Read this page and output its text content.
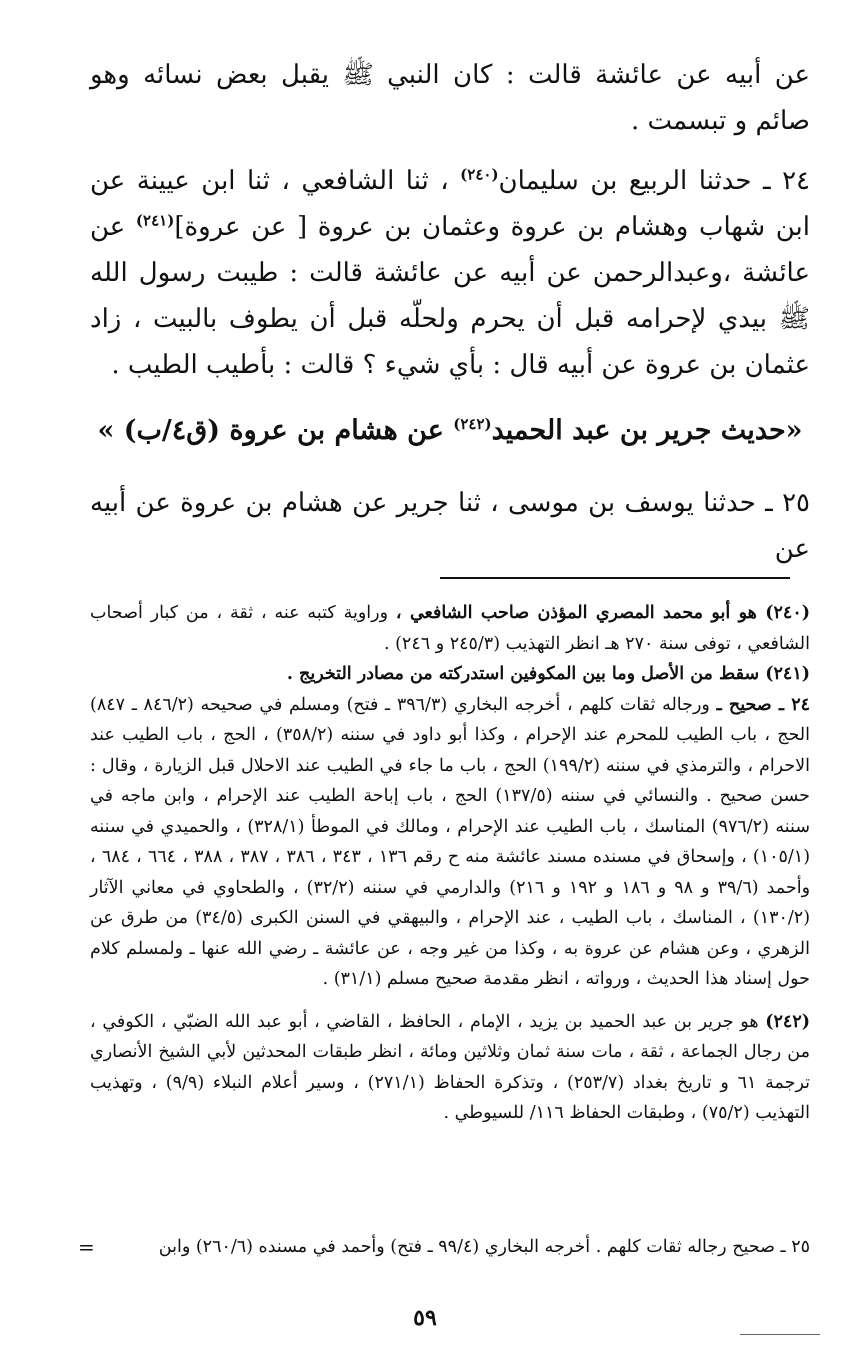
عن أبيه عن عائشة قالت : كان النبي ﷺ يقبل بعض نسائه وهو صائم و تبسمت .

٢٤ ـ حدثنا الربيع بن سليمان$^{(٢٤٠)}$ ، ثنا الشافعي ، ثنا ابن عيينة عن ابن شهاب وهشام بن عروة وعثمان بن عروة [ عن عروة]$^{(٢٤١)}$ عن عائشة ،وعبدالرحمن عن أبيه عن عائشة قالت : طيبت رسول الله ﷺ بيدي لإحرامه قبل أن يحرم ولحلّه قبل أن يطوف بالبيت ، زاد عثمان بن عروة عن أبيه قال : بأي شيء ؟ قالت : بأطيب الطيب .

«حديث جرير بن عبد الحميد$^{(٢٤٢)}$ عن هشام بن عروة (ق٤/ب) »

٢٥ ـ حدثنا يوسف بن موسى ، ثنا جرير عن هشام بن عروة عن أبيه عن

(٢٤٠) هو أبو محمد المصري المؤذن صاحب الشافعي ، وراوية كتبه عنه ، ثقة ، من كبار أصحاب الشافعي ، توفى سنة ٢٧٠ هـ انظر التهذيب (٢٤٥/٣ و ٢٤٦) .

(٢٤١) سقط من الأصل وما بين المكوفين استدركته من مصادر التخريج .

٢٤ ـ صحيح ـ ورجاله ثقات كلهم ، أخرجه البخاري (٣٩٦/٣ ـ فتح) ومسلم في صحيحه (٨٤٦/٢ ـ ٨٤٧) الحج ، باب الطيب للمحرم عند الإحرام ، وكذا أبو داود في سننه (٣٥٨/٢) ، الحج ، باب الطيب عند الاحرام ، والترمذي في سننه (١٩٩/٢) الحج ، باب ما جاء في الطيب عند الاحلال قبل الزيارة ، وقال : حسن صحيح . والنسائي في سننه (١٣٧/٥) الحج ، باب إباحة الطيب عند الإحرام ، وابن ماجه في سننه (٩٧٦/٢) المناسك ، باب الطيب عند الإحرام ، ومالك في الموطأ (٣٢٨/١) ، والحميدي في سننه (١٠٥/١) ، وإسحاق في مسنده مسند عائشة منه ح رقم ١٣٦ ، ٣٤٣ ، ٣٨٦ ، ٣٨٧ ، ٣٨٨ ، ٦٦٤ ، ٦٨٤ ، وأحمد (٣٩/٦ و ٩٨ و ١٨٦ و ١٩٢ و ٢١٦) والدارمي في سننه (٣٢/٢) ، والطحاوي في معاني الآثار (١٣٠/٢) ، المناسك ، باب الطيب ، عند الإحرام ، والبيهقي في السنن الكبرى (٣٤/٥) من طرق عن الزهري ، وعن هشام عن عروة به ، وكذا من غير وجه ، عن عائشة ـ رضي الله عنها ـ ولمسلم كلام حول إسناد هذا الحديث ، ورواته ، انظر مقدمة صحيح مسلم (٣١/١) .

(٢٤٢) هو جرير بن عبد الحميد بن يزيد ، الإمام ، الحافظ ، القاضي ، أبو عبد الله الضبّي ، الكوفي ، من رجال الجماعة ، ثقة ، مات سنة ثمان وثلاثين ومائة ، انظر طبقات المحدثين لأبي الشيخ الأنصاري ترجمة ٦١ و تاريخ بغداد (٢٥٣/٧) ، وتذكرة الحفاظ (٢٧١/١) ، وسير أعلام النبلاء (٩/٩) ، وتهذيب التهذيب (٧٥/٢) ، وطبقات الحفاظ ١١٦/ للسيوطي .

٢٥ ـ صحيح رجاله ثقات كلهم . أخرجه البخاري (٩٩/٤ ـ فتح) وأحمد في مسنده (٢٦٠/٦) وابن
=
٥٩
